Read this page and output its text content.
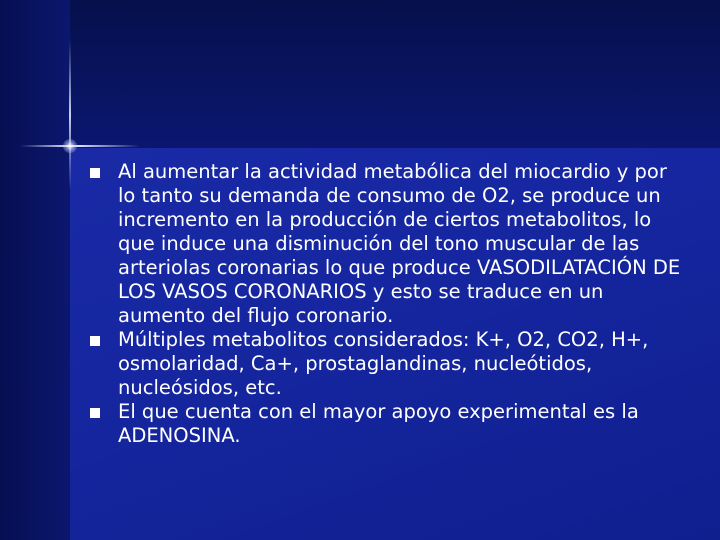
Al aumentar la actividad metabólica del miocardio y por lo tanto su demanda de consumo de O2, se produce un incremento en la producción de ciertos metabolitos, lo que induce una disminución del tono muscular de las arteriolas coronarias lo que produce VASODILATACIÓN DE LOS VASOS CORONARIOS y esto se traduce en un aumento del flujo coronario.
Múltiples metabolitos considerados: K+, O2, CO2, H+, osmolaridad, Ca+, prostaglandinas, nucleótidos, nucleósidos, etc.
El que cuenta con el mayor apoyo experimental es la ADENOSINA.
